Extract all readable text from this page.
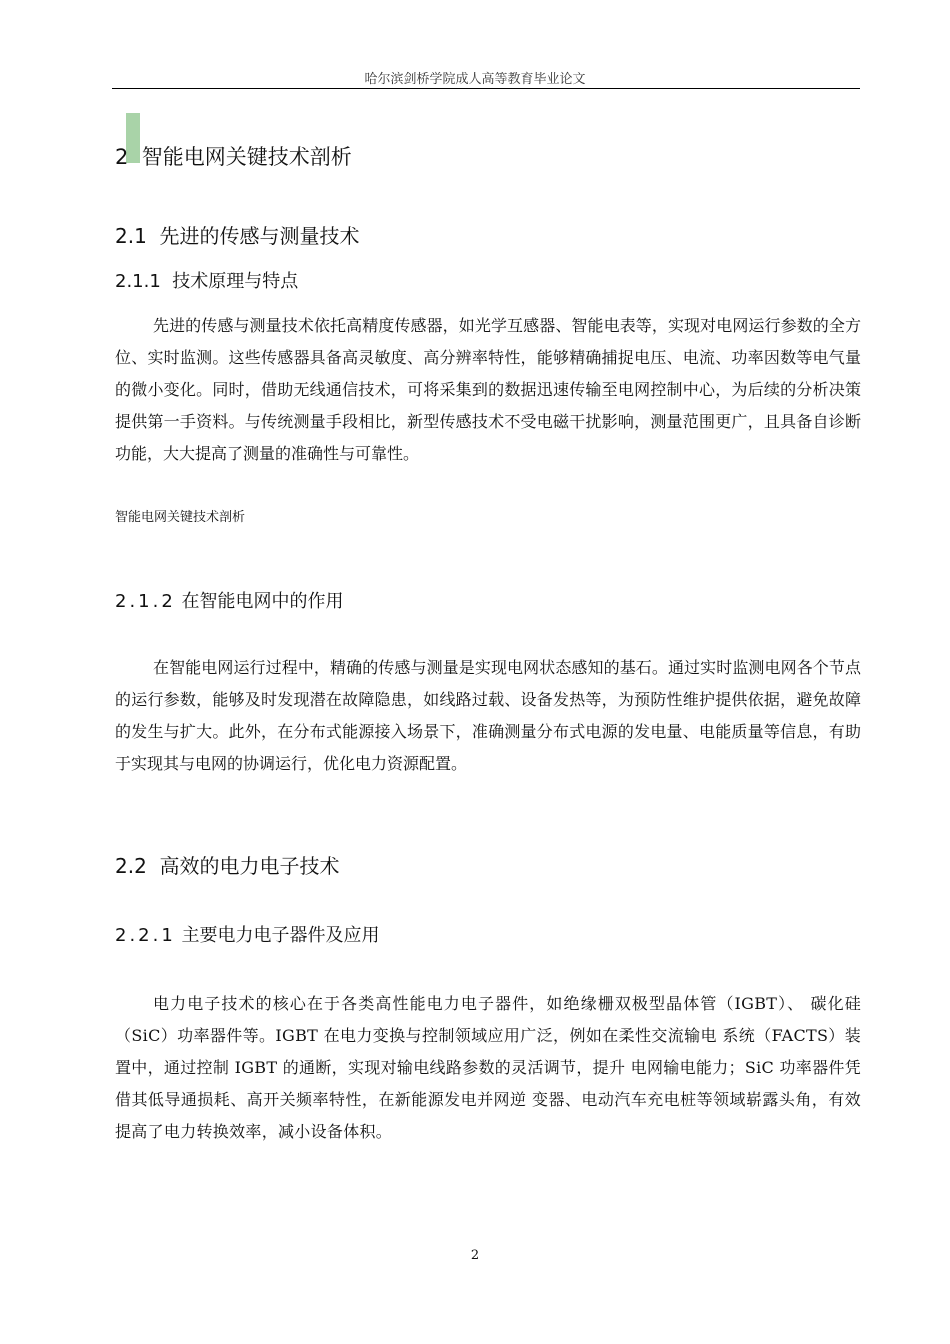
哈尔滨剑桥学院成人高等教育毕业论文
2 智能电网关键技术剖析
2.1 先进的传感与测量技术
2.1.1 技术原理与特点
先进的传感与测量技术依托高精度传感器，如光学互感器、智能电表等，实现对电网运行参数的全方位、实时监测。这些传感器具备高灵敏度、高分辨率特性，能够精确捕捉电压、电流、功率因数等电气量的微小变化。同时，借助无线通信技术，可将采集到的数据迅速传输至电网控制中心，为后续的分析决策提供第一手资料。与传统测量手段相比，新型传感技术不受电磁干扰影响，测量范围更广，且具备自诊断功能，大大提高了测量的准确性与可靠性。
智能电网关键技术剖析
2.1.2 在智能电网中的作用
在智能电网运行过程中，精确的传感与测量是实现电网状态感知的基石。通过实时监测电网各个节点的运行参数，能够及时发现潜在故障隐患，如线路过载、设备发热等，为预防性维护提供依据，避免故障的发生与扩大。此外，在分布式能源接入场景下，准确测量分布式电源的发电量、电能质量等信息，有助于实现其与电网的协调运行，优化电力资源配置。
2.2 高效的电力电子技术
2.2.1 主要电力电子器件及应用
电力电子技术的核心在于各类高性能电力电子器件，如绝缘栅双极型晶体管（IGBT）、 碳化硅（SiC）功率器件等。IGBT 在电力变换与控制领域应用广泛，例如在柔性交流输电 系统（FACTS）装置中，通过控制 IGBT 的通断，实现对输电线路参数的灵活调节，提升 电网输电能力；SiC 功率器件凭借其低导通损耗、高开关频率特性，在新能源发电并网逆 变器、电动汽车充电桩等领域崭露头角，有效提高了电力转换效率，减小设备体积。
2
